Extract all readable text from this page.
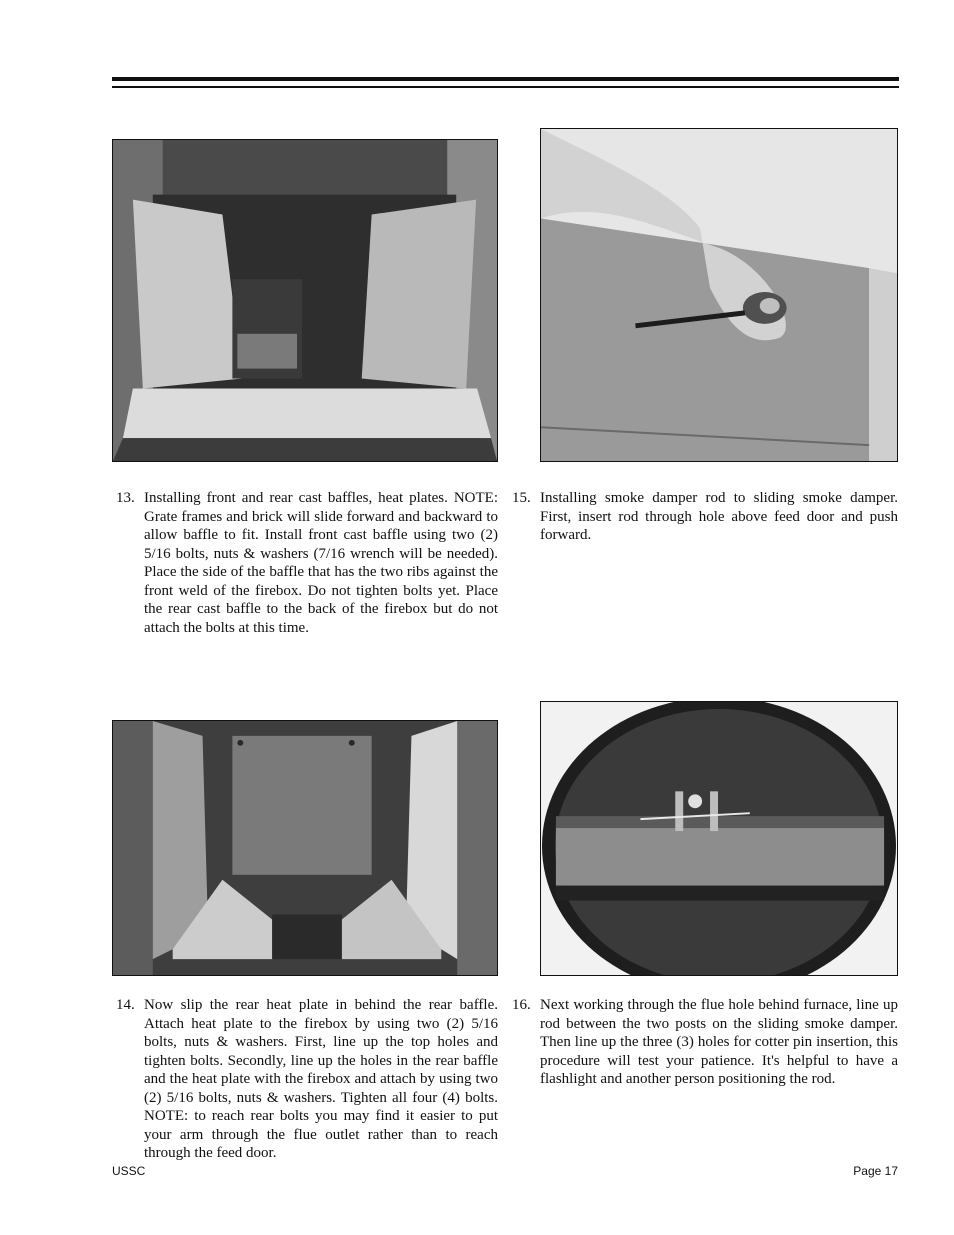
13. Installing front and rear cast baffles, heat plates. NOTE: Grate frames and brick will slide forward and backward to allow baffle to fit. Install front cast baffle using two (2) 5/16 bolts, nuts & washers (7/16 wrench will be needed). Place the side of the baffle that has the two ribs against the front weld of the firebox. Do not tighten bolts yet. Place the rear cast baffle to the back of the firebox but do not attach the bolts at this time.
15. Installing smoke damper rod to sliding smoke damper. First, insert rod through hole above feed door and push forward.
14. Now slip the rear heat plate in behind the rear baffle. Attach heat plate to the firebox by using two (2) 5/16 bolts, nuts & washers. First, line up the top holes and tighten bolts. Secondly, line up the holes in the rear baffle and the heat plate with the firebox and attach by using two (2) 5/16 bolts, nuts & washers. Tighten all four (4) bolts. NOTE: to reach rear bolts you may find it easier to put your arm through the flue outlet rather than to reach through the feed door.
16. Next working through the flue hole behind furnace, line up rod between the two posts on the sliding smoke damper. Then line up the three (3) holes for cotter pin insertion, this procedure will test your patience. It's helpful to have a flashlight and another person positioning the rod.
USSC	Page 17
